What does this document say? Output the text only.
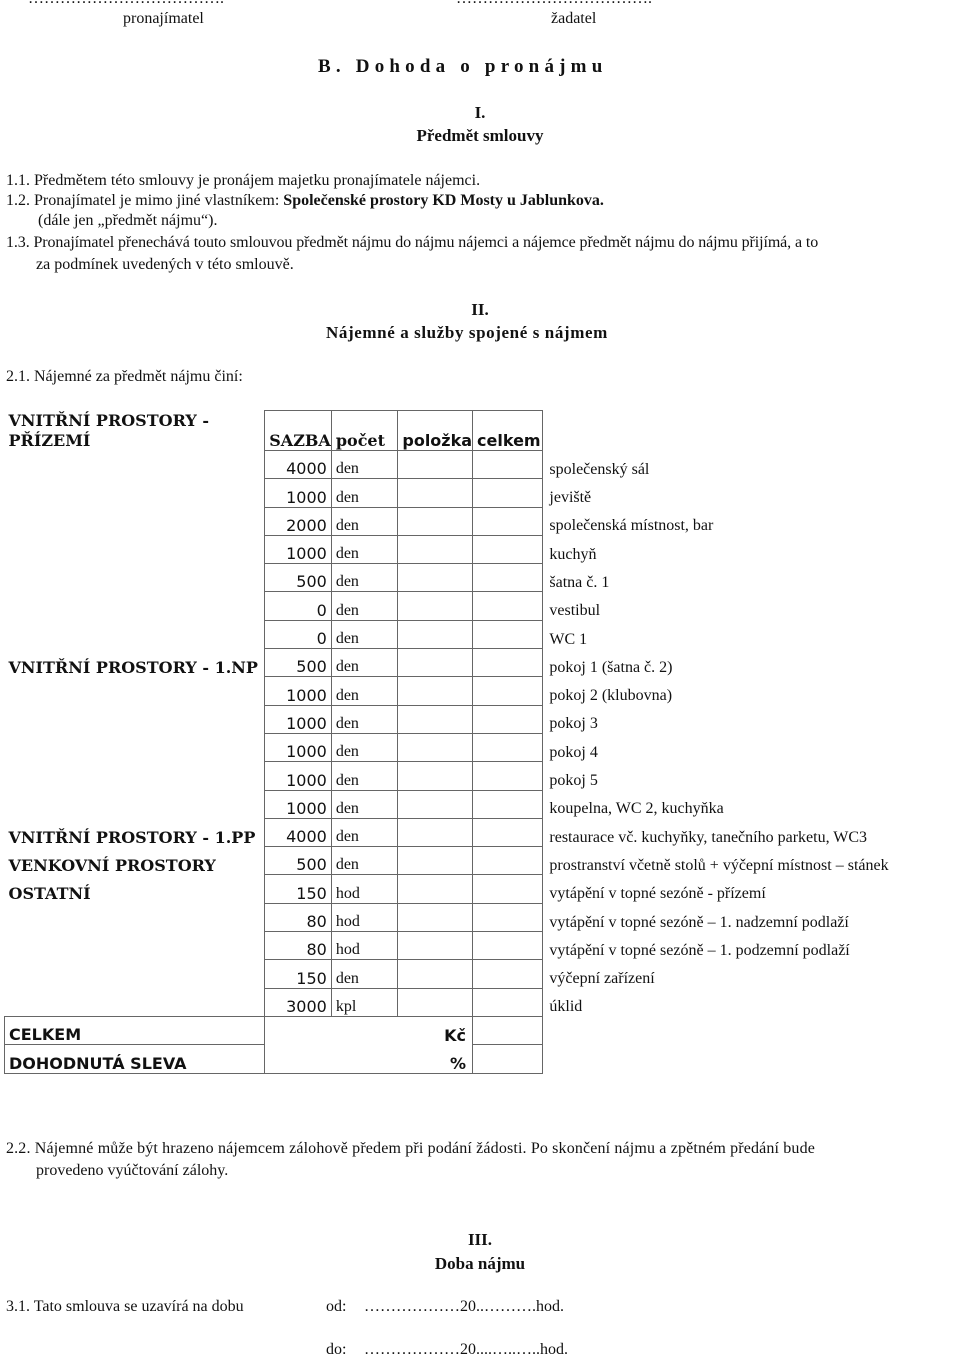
pronajímatel	žadatel
B. Dohoda o pronájmu
I.
Předmět smlouvy
1.1. Předmětem této smlouvy je pronájem majetku pronajímatele nájemci.
1.2. Pronajímatel je mimo jiné vlastníkem: Společenské prostory KD Mosty u Jablunkova.
(dále jen „předmět nájmu“).
1.3. Pronajímatel přenechává touto smlouvou předmět nájmu do nájmu nájemci a nájemce předmět nájmu do nájmu přijímá, a to
za podmínek uvedených v této smlouvě.
II.
Nájemné a služby spojené s nájmem
2.1. Nájemné za předmět nájmu činí:
VNITŘNÍ PROSTORY -
PŘÍZEMÍ	SAZBA	počet	položka	celkem	
	4000	den			společenský sál
	1000	den			jeviště
	2000	den			společenská místnost, bar
	1000	den			kuchyň
	500	den			šatna č. 1
	0	den			vestibul
	0	den			WC 1
VNITŘNÍ PROSTORY - 1.NP	500	den			pokoj 1 (šatna č. 2)
	1000	den			pokoj 2 (klubovna)
	1000	den			pokoj 3
	1000	den			pokoj 4
	1000	den			pokoj 5
	1000	den			koupelna, WC 2, kuchyňka
VNITŘNÍ PROSTORY - 1.PP	4000	den			restaurace vč. kuchyňky, tanečního parketu, WC3
VENKOVNÍ PROSTORY	500	den			prostranství včetně stolů + výčepní místnost – stánek
OSTATNÍ	150	hod			vytápění v topné sezóně - přízemí
	80	hod			vytápění v topné sezóně – 1. nadzemní podlaží
	80	hod			vytápění v topné sezóně – 1. podzemní podlaží
	150	den			výčepní zařízení
	3000	kpl			úklid
CELKEM	Kč				
DOHODNUTÁ SLEVA	%				
2.2. Nájemné může být hrazeno nájemcem zálohově předem při podání žádosti. Po skončení nájmu a zpětném předání bude
provedeno vyúčtování zálohy.
III.
Doba nájmu
3.1. Tato smlouva se uzavírá na dobu	od: ………………20..……….hod.
do: ………………20....…..…..hod.
